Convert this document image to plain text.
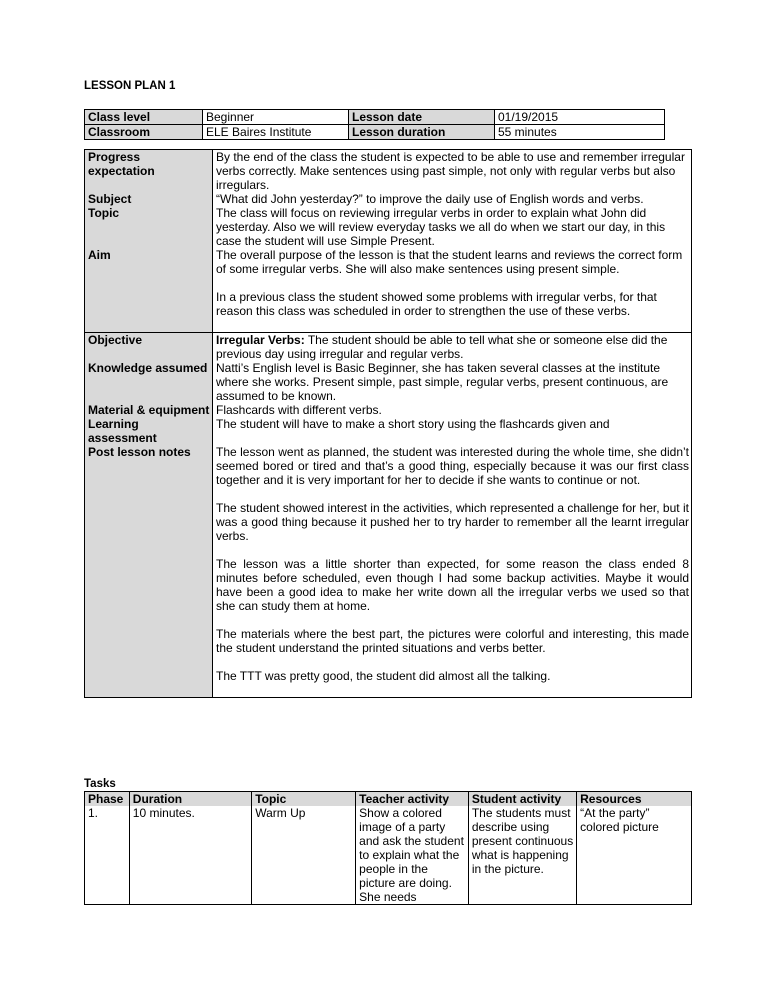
LESSON PLAN 1
Class level	Beginner	Lesson date	01/19/2015
Classroom	ELE Baires Institute	Lesson duration	55 minutes
Progress expectation	By the end of the class the student is expected to be able to use and remember irregular verbs correctly. Make sentences using past simple, not only with regular verbs but also irregulars.
Subject	“What did John yesterday?” to improve the daily use of English words and verbs.
Topic	The class will focus on reviewing irregular verbs in order to explain what John did yesterday. Also we will review everyday tasks we all do when we start our day, in this case the student will use Simple Present.
Aim	The overall purpose of the lesson is that the student learns and reviews the correct form of some irregular verbs. She will also make sentences using present simple.

In a previous class the student showed some problems with irregular verbs, for that reason this class was scheduled in order to strengthen the use of these verbs.

Objective	Irregular Verbs: The student should be able to tell what she or someone else did the previous day using irregular and regular verbs.
Knowledge assumed	Natti’s English level is Basic Beginner, she has taken several classes at the institute where she works. Present simple, past simple, regular verbs, present continuous, are assumed to be known.
Material & equipment	Flashcards with different verbs.
Learning assessment	The student will have to make a short story using the flashcards given and
Post lesson notes	The lesson went as planned, the student was interested during the whole time, she didn’t seemed bored or tired and that’s a good thing, especially because it was our first class together and it is very important for her to decide if she wants to continue or not.

The student showed interest in the activities, which represented a challenge for her, but it was a good thing because it pushed her to try harder to remember all the learnt irregular verbs.

The lesson was a little shorter than expected, for some reason the class ended 8 minutes before scheduled, even though I had some backup activities. Maybe it would have been a good idea to make her write down all the irregular verbs we used so that she can study them at home.

The materials where the best part, the pictures were colorful and interesting, this made the student understand the printed situations and verbs better.

The TTT was pretty good, the student did almost all the talking.

Tasks
Phase	Duration	Topic	Teacher activity	Student activity	Resources
1.	10 minutes.	Warm Up	Show a colored image of a party and ask the student to explain what the people in the picture are doing. She needs	The students must describe using present continuous what is happening in the picture.	“At the party” colored picture
